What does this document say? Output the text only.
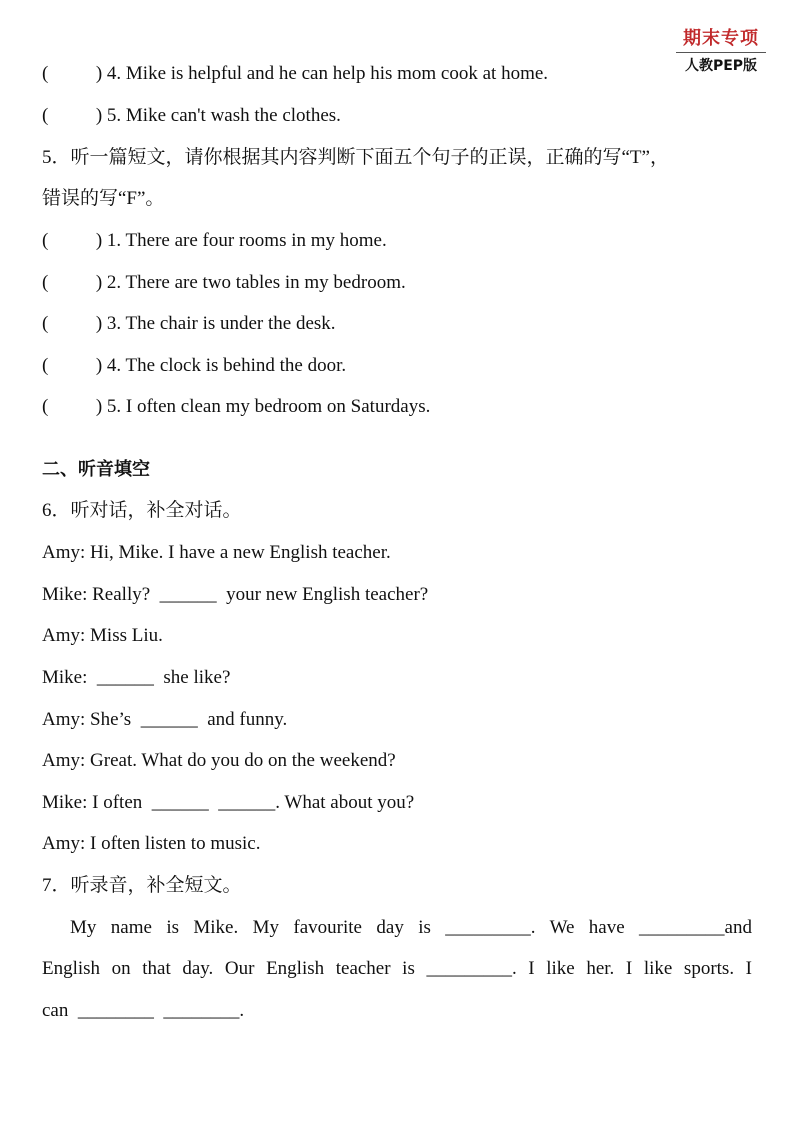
期末专项
人教PEP版
(          ) 4. Mike is helpful and he can help his mom cook at home.
(          ) 5. Mike can't wash the clothes.
5．听一篇短文，请你根据其内容判断下面五个句子的正误，正确的写“T”，
错误的写“F”。
(          ) 1. There are four rooms in my home.
(          ) 2. There are two tables in my bedroom.
(          ) 3. The chair is under the desk.
(          ) 4. The clock is behind the door.
(          ) 5. I often clean my bedroom on Saturdays.
二、听音填空
6．听对话，补全对话。
Amy: Hi, Mike. I have a new English teacher.
Mike: Really?  ______  your new English teacher?
Amy: Miss Liu.
Mike:  ______  she like?
Amy: She’s  ______  and funny.
Amy: Great. What do you do on the weekend?
Mike: I often  ______  ______. What about you?
Amy: I often listen to music.
7．听录音，补全短文。
My name is Mike. My favourite day is _________. We have _________and
English on that day. Our English teacher is _________. I like her. I like sports. I
can  ________  ________.
